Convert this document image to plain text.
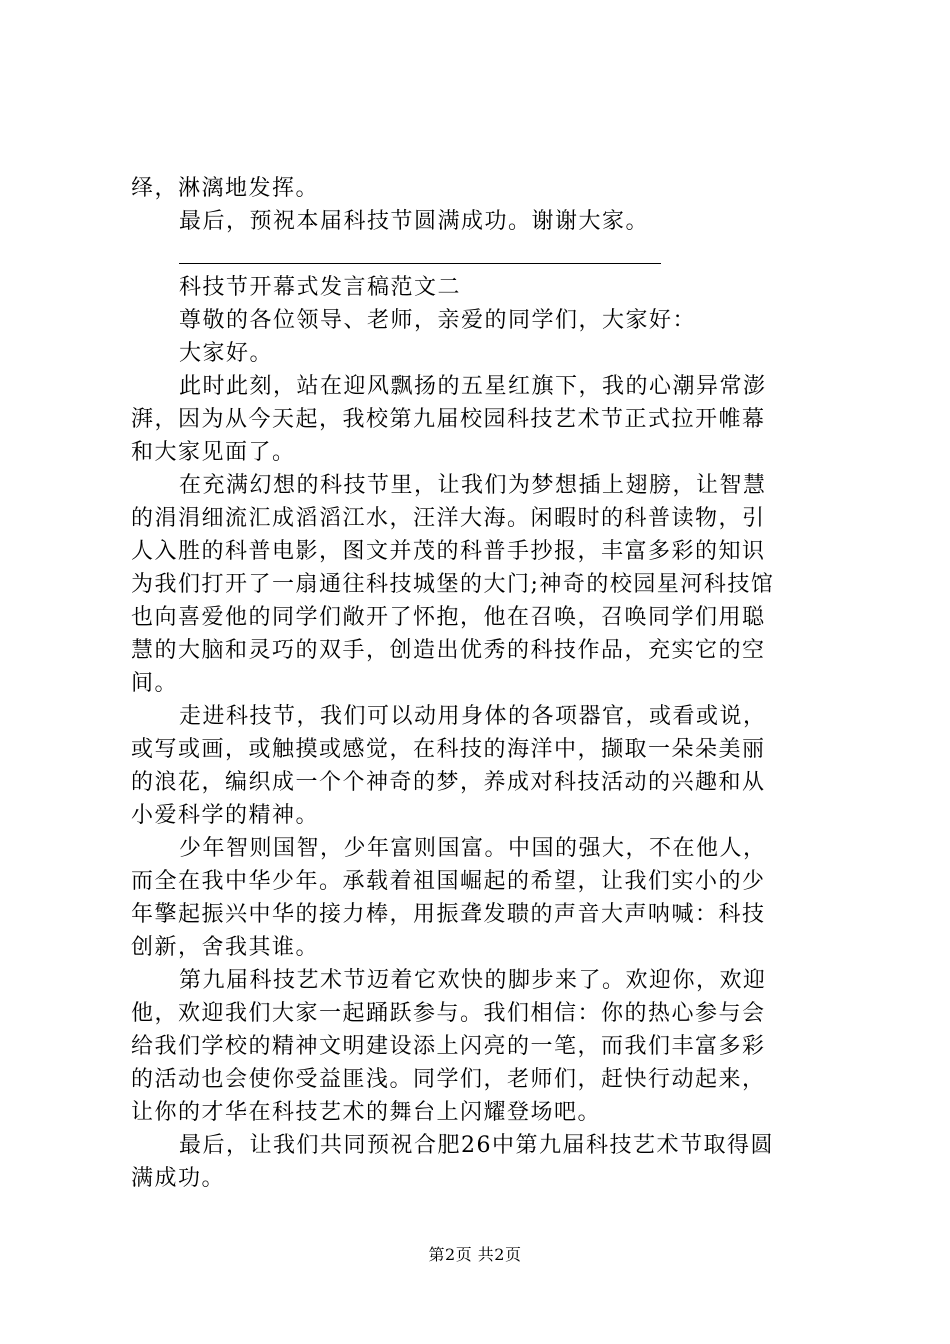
绎，淋漓地发挥。
最后，预祝本届科技节圆满成功。谢谢大家。
科技节开幕式发言稿范文二
尊敬的各位领导、老师，亲爱的同学们，大家好：
大家好。
此时此刻，站在迎风飘扬的五星红旗下，我的心潮异常澎
湃，因为从今天起，我校第九届校园科技艺术节正式拉开帷幕
和大家见面了。
在充满幻想的科技节里，让我们为梦想插上翅膀，让智慧
的涓涓细流汇成滔滔江水，汪洋大海。闲暇时的科普读物，引
人入胜的科普电影，图文并茂的科普手抄报，丰富多彩的知识
为我们打开了一扇通往科技城堡的大门;神奇的校园星河科技馆
也向喜爱他的同学们敞开了怀抱，他在召唤，召唤同学们用聪
慧的大脑和灵巧的双手，创造出优秀的科技作品，充实它的空
间。
走进科技节，我们可以动用身体的各项器官，或看或说，
或写或画，或触摸或感觉，在科技的海洋中，撷取一朵朵美丽
的浪花，编织成一个个神奇的梦，养成对科技活动的兴趣和从
小爱科学的精神。
少年智则国智，少年富则国富。中国的强大，不在他人，
而全在我中华少年。承载着祖国崛起的希望，让我们实小的少
年擎起振兴中华的接力棒，用振聋发聩的声音大声呐喊：科技
创新，舍我其谁。
第九届科技艺术节迈着它欢快的脚步来了。欢迎你，欢迎
他，欢迎我们大家一起踊跃参与。我们相信：你的热心参与会
给我们学校的精神文明建设添上闪亮的一笔，而我们丰富多彩
的活动也会使你受益匪浅。同学们，老师们，赶快行动起来，
让你的才华在科技艺术的舞台上闪耀登场吧。
最后，让我们共同预祝合肥26中第九届科技艺术节取得圆
满成功。
第2页 共2页
